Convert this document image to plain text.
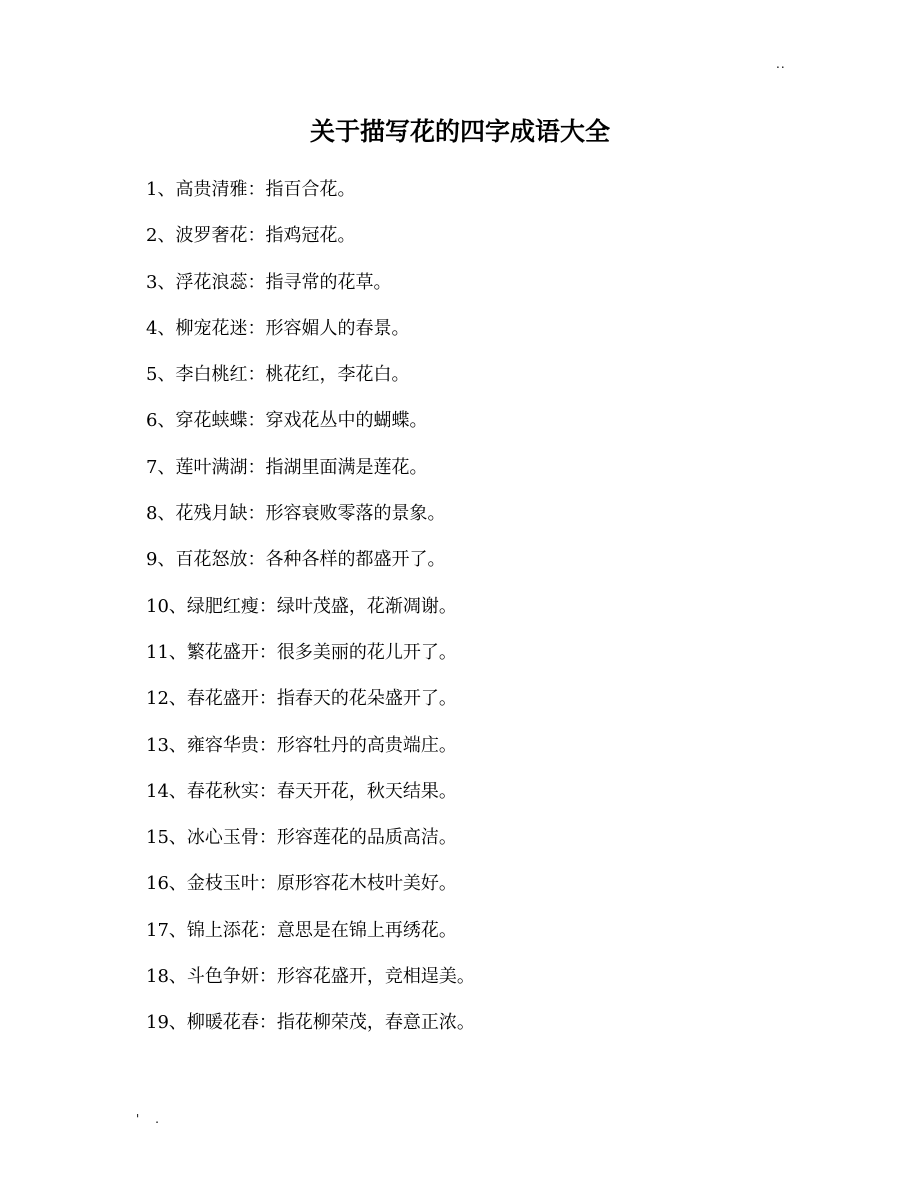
..
关于描写花的四字成语大全
1、高贵清雅：指百合花。
2、波罗奢花：指鸡冠花。
3、浮花浪蕊：指寻常的花草。
4、柳宠花迷：形容媚人的春景。
5、李白桃红：桃花红，李花白。
6、穿花蛱蝶：穿戏花丛中的蝴蝶。
7、莲叶满湖：指湖里面满是莲花。
8、花残月缺：形容衰败零落的景象。
9、百花怒放：各种各样的都盛开了。
10、绿肥红瘦：绿叶茂盛，花渐凋谢。
11、繁花盛开：很多美丽的花儿开了。
12、春花盛开：指春天的花朵盛开了。
13、雍容华贵：形容牡丹的高贵端庄。
14、春花秋实：春天开花，秋天结果。
15、冰心玉骨：形容莲花的品质高洁。
16、金枝玉叶：原形容花木枝叶美好。
17、锦上添花：意思是在锦上再绣花。
18、斗色争妍：形容花盛开，竞相逞美。
19、柳暖花春：指花柳荣茂，春意正浓。
' .
